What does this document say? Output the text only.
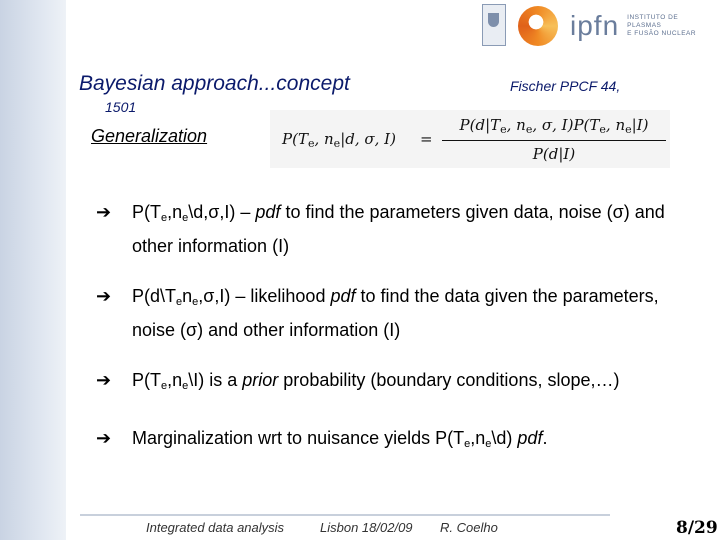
ipfn INSTITUTO DE PLASMAS
E FUSÃO NUCLEAR
Bayesian approach...concept	Fischer PPCF 44,
1501
Generalization	$P(T_e$, $n_e|d$, σ, I) =
$P(d|T_e$, $n_e$, σ, $I)P(T_e$, $n_e|I$)
P(d|I)
➔ $P(T_e,n_e\backslash d,\sigma,I)$ – pdf to find the parameters given data, noise (σ) and other information (I)
➔ $P(d\backslash T_en_e,\sigma,I)$ – likelihood pdf to find the data given the parameters, noise (σ) and other information (I)
➔ $P(T_e,n_e\backslash I)$ is a prior probability (boundary conditions, slope,…)
➔ Marginalization wrt to nuisance yields $P(T_e,n_e\backslash d)$ pdf.
Integrated data analysis	Lisbon 18/02/09 R. Coelho	8/29
